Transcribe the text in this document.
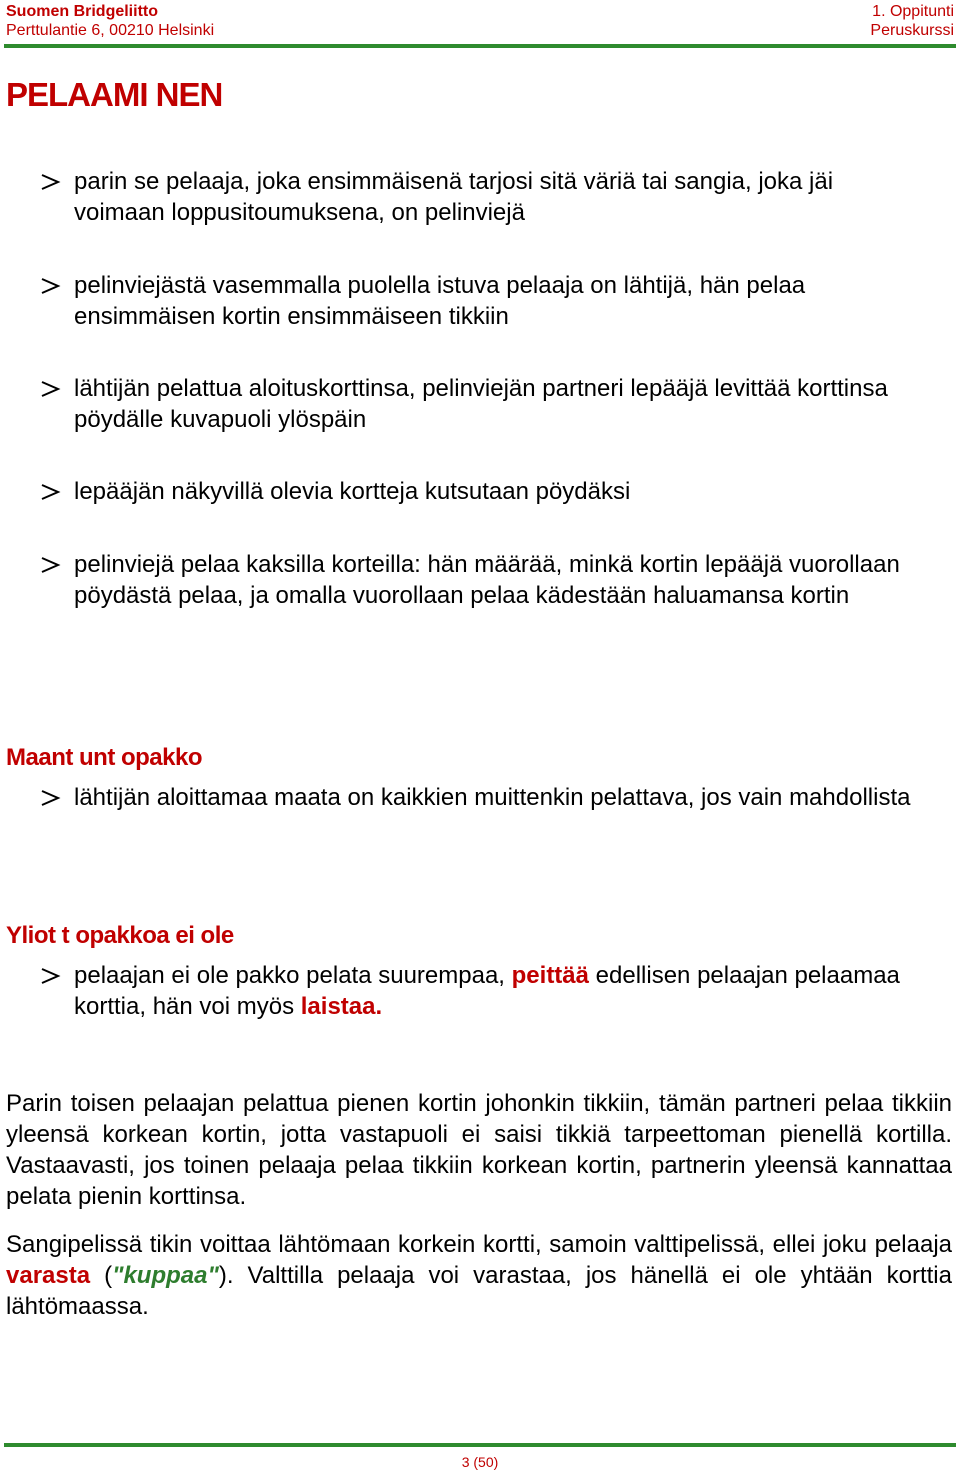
Suomen Bridgeliitto
Perttulantie 6, 00210 Helsinki
1. Oppitunti
Peruskurssi
PELAAMI NEN
parin se pelaaja, joka ensimmäisenä tarjosi sitä väriä tai sangia, joka jäi voimaan loppusitoumuksena, on pelinviejä
pelinviejästä vasemmalla puolella istuva pelaaja on lähtijä, hän pelaa ensimmäisen kortin ensimmäiseen tikkiin
lähtijän pelattua aloituskorttinsa, pelinviejän partneri lepääjä levittää korttinsa pöydälle kuvapuoli ylöspäin
lepääjän näkyvillä olevia kortteja kutsutaan pöydäksi
pelinviejä pelaa kaksilla korteilla: hän määrää, minkä kortin lepääjä vuorollaan pöydästä pelaa, ja omalla vuorollaan pelaa kädestään haluamansa kortin
Maant unt opakko
lähtijän aloittamaa maata on kaikkien muittenkin pelattava, jos vain mahdollista
Yliot t opakkoa ei ole
pelaajan ei ole pakko pelata suurempaa, peittää edellisen pelaajan pelaamaa korttia, hän voi myös laistaa.
Parin toisen pelaajan pelattua pienen kortin johonkin tikkiin, tämän partneri pelaa tikkiin yleensä korkean kortin, jotta vastapuoli ei saisi tikkiä tarpeettoman pienellä kortilla. Vastaavasti, jos toinen pelaaja pelaa tikkiin korkean kortin, partnerin yleensä kannattaa pelata pienin korttinsa.
Sangipelissä tikin voittaa lähtömaan korkein kortti, samoin valttipelissä, ellei joku pelaaja varasta ("kuppaa"). Valttilla pelaaja voi varastaa, jos hänellä ei ole yhtään korttia lähtömaassa.
3 (50)
